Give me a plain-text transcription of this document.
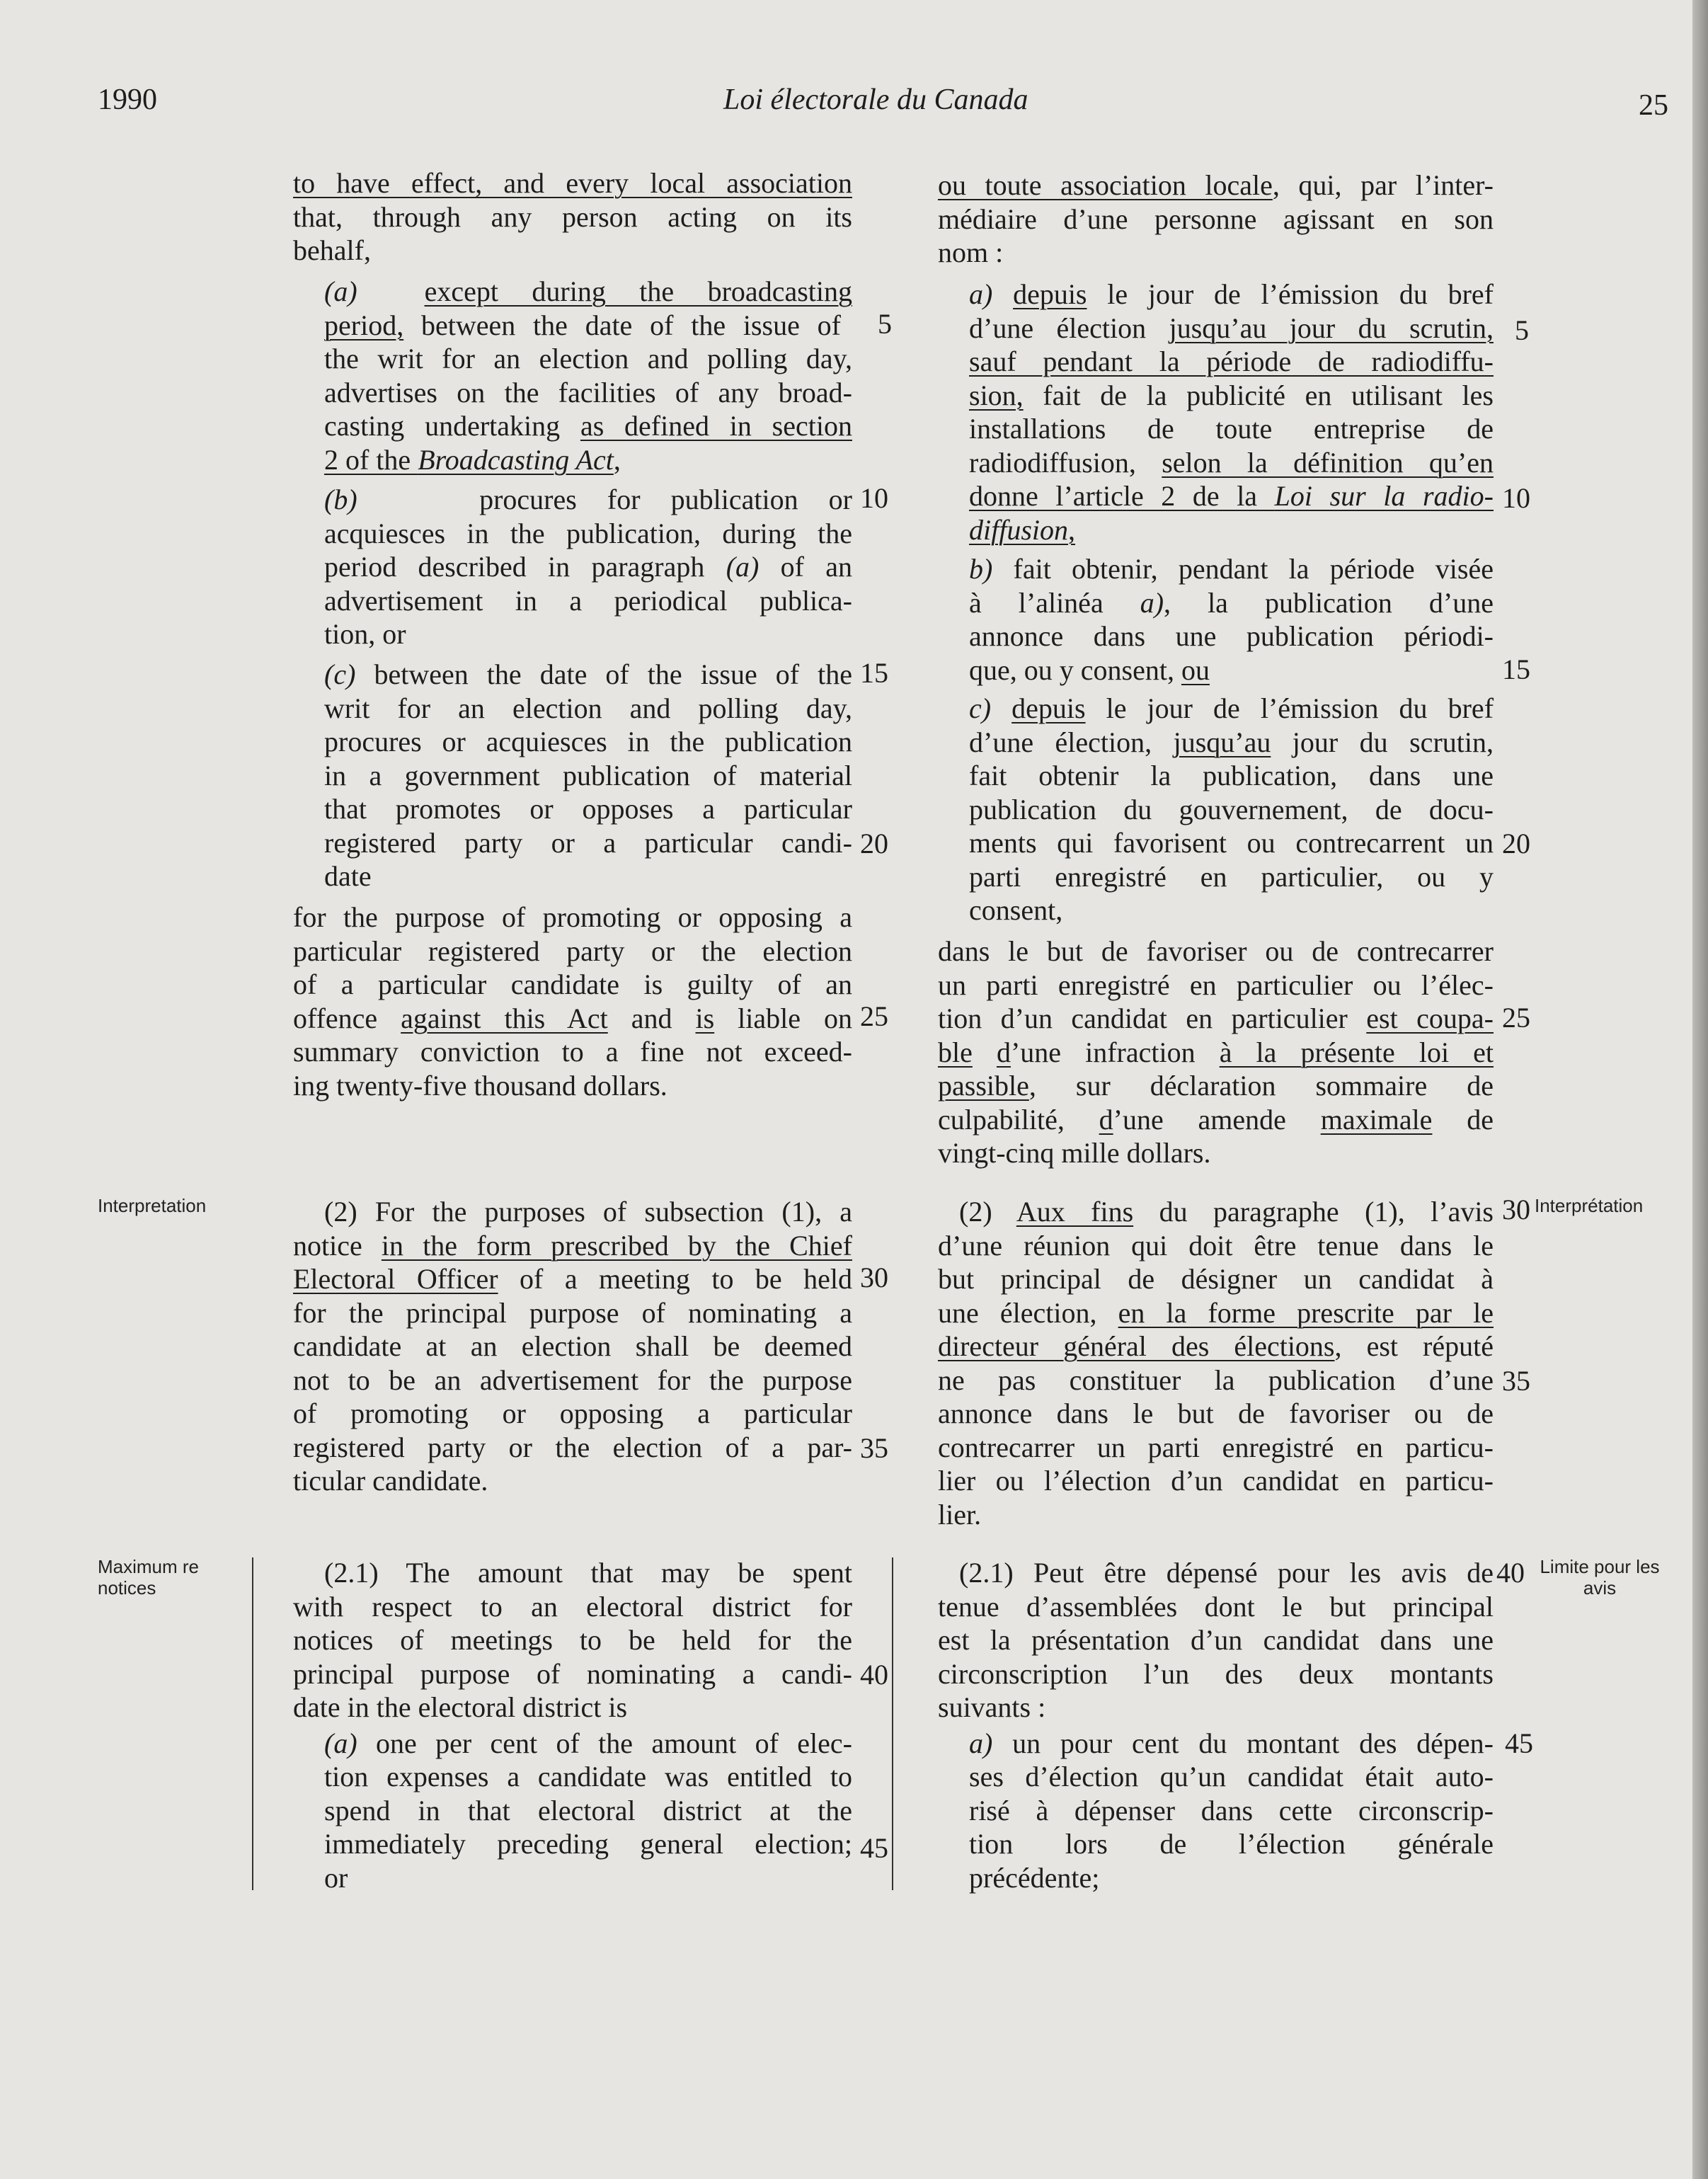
1990	Loi électorale du Canada	25
Interpretation	Interprétation
Maximum re
notices
Limite pour les
avis
5
10
15
20
25
30
35
40
45
5
10
15
20
25
30
35
40
45
to have effect, and every local association
that, through any person acting on its
behalf,
(a) except during the broadcasting
period, between the date of the issue of
the writ for an election and polling day,
advertises on the facilities of any broad-
casting undertaking as defined in section
2 of the Broadcasting Act,
(b)	procures for publication or
acquiesces in the publication, during the
period described in paragraph (a) of an
advertisement in a periodical publica-
tion, or
(c) between the date of the issue of the
writ for an election and polling day,
procures or acquiesces in the publication
in a government publication of material
that promotes or opposes a particular
registered party or a particular candi-
date
for the purpose of promoting or opposing a
particular registered party or the election
of a particular candidate is guilty of an
offence against this Act and is liable on
summary conviction to a fine not exceed-
ing twenty-five thousand dollars.
(2) For the purposes of subsection (1), a
notice in the form prescribed by the Chief
Electoral Officer of a meeting to be held
for the principal purpose of nominating a
candidate at an election shall be deemed
not to be an advertisement for the purpose
of promoting or opposing a particular
registered party or the election of a par-
ticular candidate.
(2.1) The amount that may be spent
with respect to an electoral district for
notices of meetings to be held for the
principal purpose of nominating a candi-
date in the electoral district is
(a) one per cent of the amount of elec-
tion expenses a candidate was entitled to
spend in that electoral district at the
immediately preceding general election;
or
ou toute association locale, qui, par l’inter-
médiaire d’une personne agissant en son
nom :
a) depuis le jour de l’émission du bref
d’une élection jusqu’au jour du scrutin,
sauf pendant la période de radiodiffu-
sion, fait de la publicité en utilisant les
installations de toute entreprise de
radiodiffusion, selon la définition qu’en
donne l’article 2 de la Loi sur la radio-
diffusion,
b) fait obtenir, pendant la période visée
à l’alinéa a), la publication d’une
annonce dans une publication périodi-
que, ou y consent, ou
c) depuis le jour de l’émission du bref
d’une élection, jusqu’au jour du scrutin,
fait obtenir la publication, dans une
publication du gouvernement, de docu-
ments qui favorisent ou contrecarrent un
parti enregistré en particulier, ou y
consent,
dans le but de favoriser ou de contrecarrer
un parti enregistré en particulier ou l’élec-
tion d’un candidat en particulier est coupa-
ble d’une infraction à la présente loi et
passible, sur déclaration sommaire de
culpabilité, d’une amende maximale de
vingt-cinq mille dollars.
(2) Aux fins du paragraphe (1), l’avis
d’une réunion qui doit être tenue dans le
but principal de désigner un candidat à
une élection, en la forme prescrite par le
directeur général des élections, est réputé
ne pas constituer la publication d’une
annonce dans le but de favoriser ou de
contrecarrer un parti enregistré en particu-
lier ou l’élection d’un candidat en particu-
lier.
(2.1) Peut être dépensé pour les avis de
tenue d’assemblées dont le but principal
est la présentation d’un candidat dans une
circonscription l’un des deux montants
suivants :
a) un pour cent du montant des dépen-
ses d’élection qu’un candidat était auto-
risé à dépenser dans cette circonscrip-
tion lors de l’élection générale
précédente;
